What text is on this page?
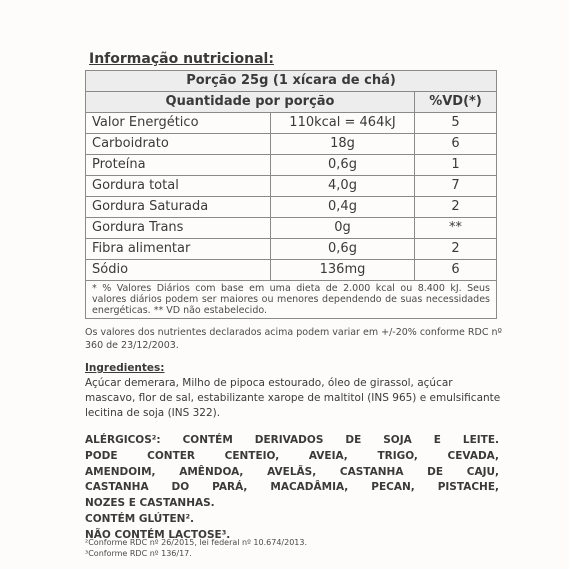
Informação nutricional:

Porção 25g (1 xícara de chá)		
Quantidade por porção		%VD(*)
Valor Energético	110kcal = 464kJ	5
Carboidrato	18g	6
Proteína	0,6g	1
Gordura total	4,0g	7
Gordura Saturada	0,4g	2
Gordura Trans	0g	**
Fibra alimentar	0,6g	2
Sódio	136mg	6
* % Valores Diários com base em uma dieta de 2.000 kcal ou 8.400 kJ. Seus valores diários podem ser maiores ou menores dependendo de suas necessidades energéticas. ** VD não estabelecido.		

Os valores dos nutrientes declarados acima podem variar em +/-20% conforme RDC nº 360 de 23/12/2003.

Ingredientes:

Açúcar demerara, Milho de pipoca estourado, óleo de girassol, açúcar mascavo, flor de sal, estabilizante xarope de maltitol (INS 965) e emulsificante lecitina de soja (INS 322).

ALÉRGICOS²: CONTÉM DERIVADOS DE SOJA E LEITE.
PODE CONTER CENTEIO, AVEIA, TRIGO, CEVADA,
AMENDOIM, AMÊNDOA, AVELÃS, CASTANHA DE CAJU,
CASTANHA DO PARÁ, MACADÂMIA, PECAN, PISTACHE,
NOZES E CASTANHAS.
CONTÉM GLÚTEN².
NÃO CONTÉM LACTOSE³.

²Conforme RDC nº 26/2015, lei federal nº 10.674/2013.

³Conforme RDC nº 136/17.
